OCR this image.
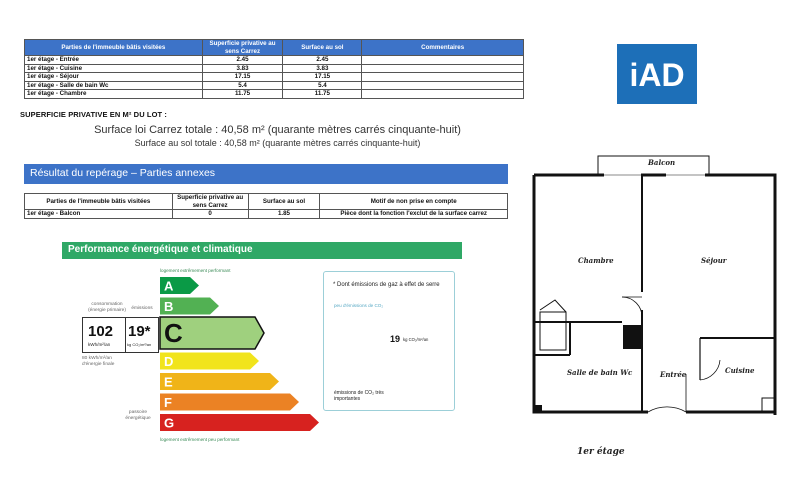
Parties de l'immeuble bâtis visitées	Superficie privative au sens Carrez	Surface au sol	Commentaires
1er étage - Entrée	2.45	2.45	
1er étage - Cuisine	3.83	3.83	
1er étage - Séjour	17.15	17.15	
1er étage - Salle de bain Wc	5.4	5.4	
1er étage - Chambre	11.75	11.75	
SUPERFICIE PRIVATIVE EN M² DU LOT :
Surface loi Carrez totale : 40,58 m² (quarante mètres carrés cinquante-huit)
Surface au sol totale : 40,58 m² (quarante mètres carrés cinquante-huit)
iAD
Résultat du repérage – Parties annexes
Parties de l'immeuble bâtis visitées	Superficie privative au sens Carrez	Surface au sol	Motif de non prise en compte
1er étage - Balcon	0	1.85	Pièce dont la fonction l'exclut de la surface carrez
Performance énergétique et climatique
logement extrêmement performant
logement extrêmement peu performant
A
B
C
D
E
F
G
consommation (énergie primaire)	émissions
102
kWh/m²/an
19*
kg CO₂/m²/an
80 kWh/m²/an d'énergie finale
passoire énergétique
* Dont émissions de gaz à effet de serre
peu d'émissions de CO₂
émissions de CO₂ très importantes
19 kg CO₂/m²/an
Balcon
Chambre	Séjour
Salle de bain Wc	Entrée	Cuisine
1er étage
